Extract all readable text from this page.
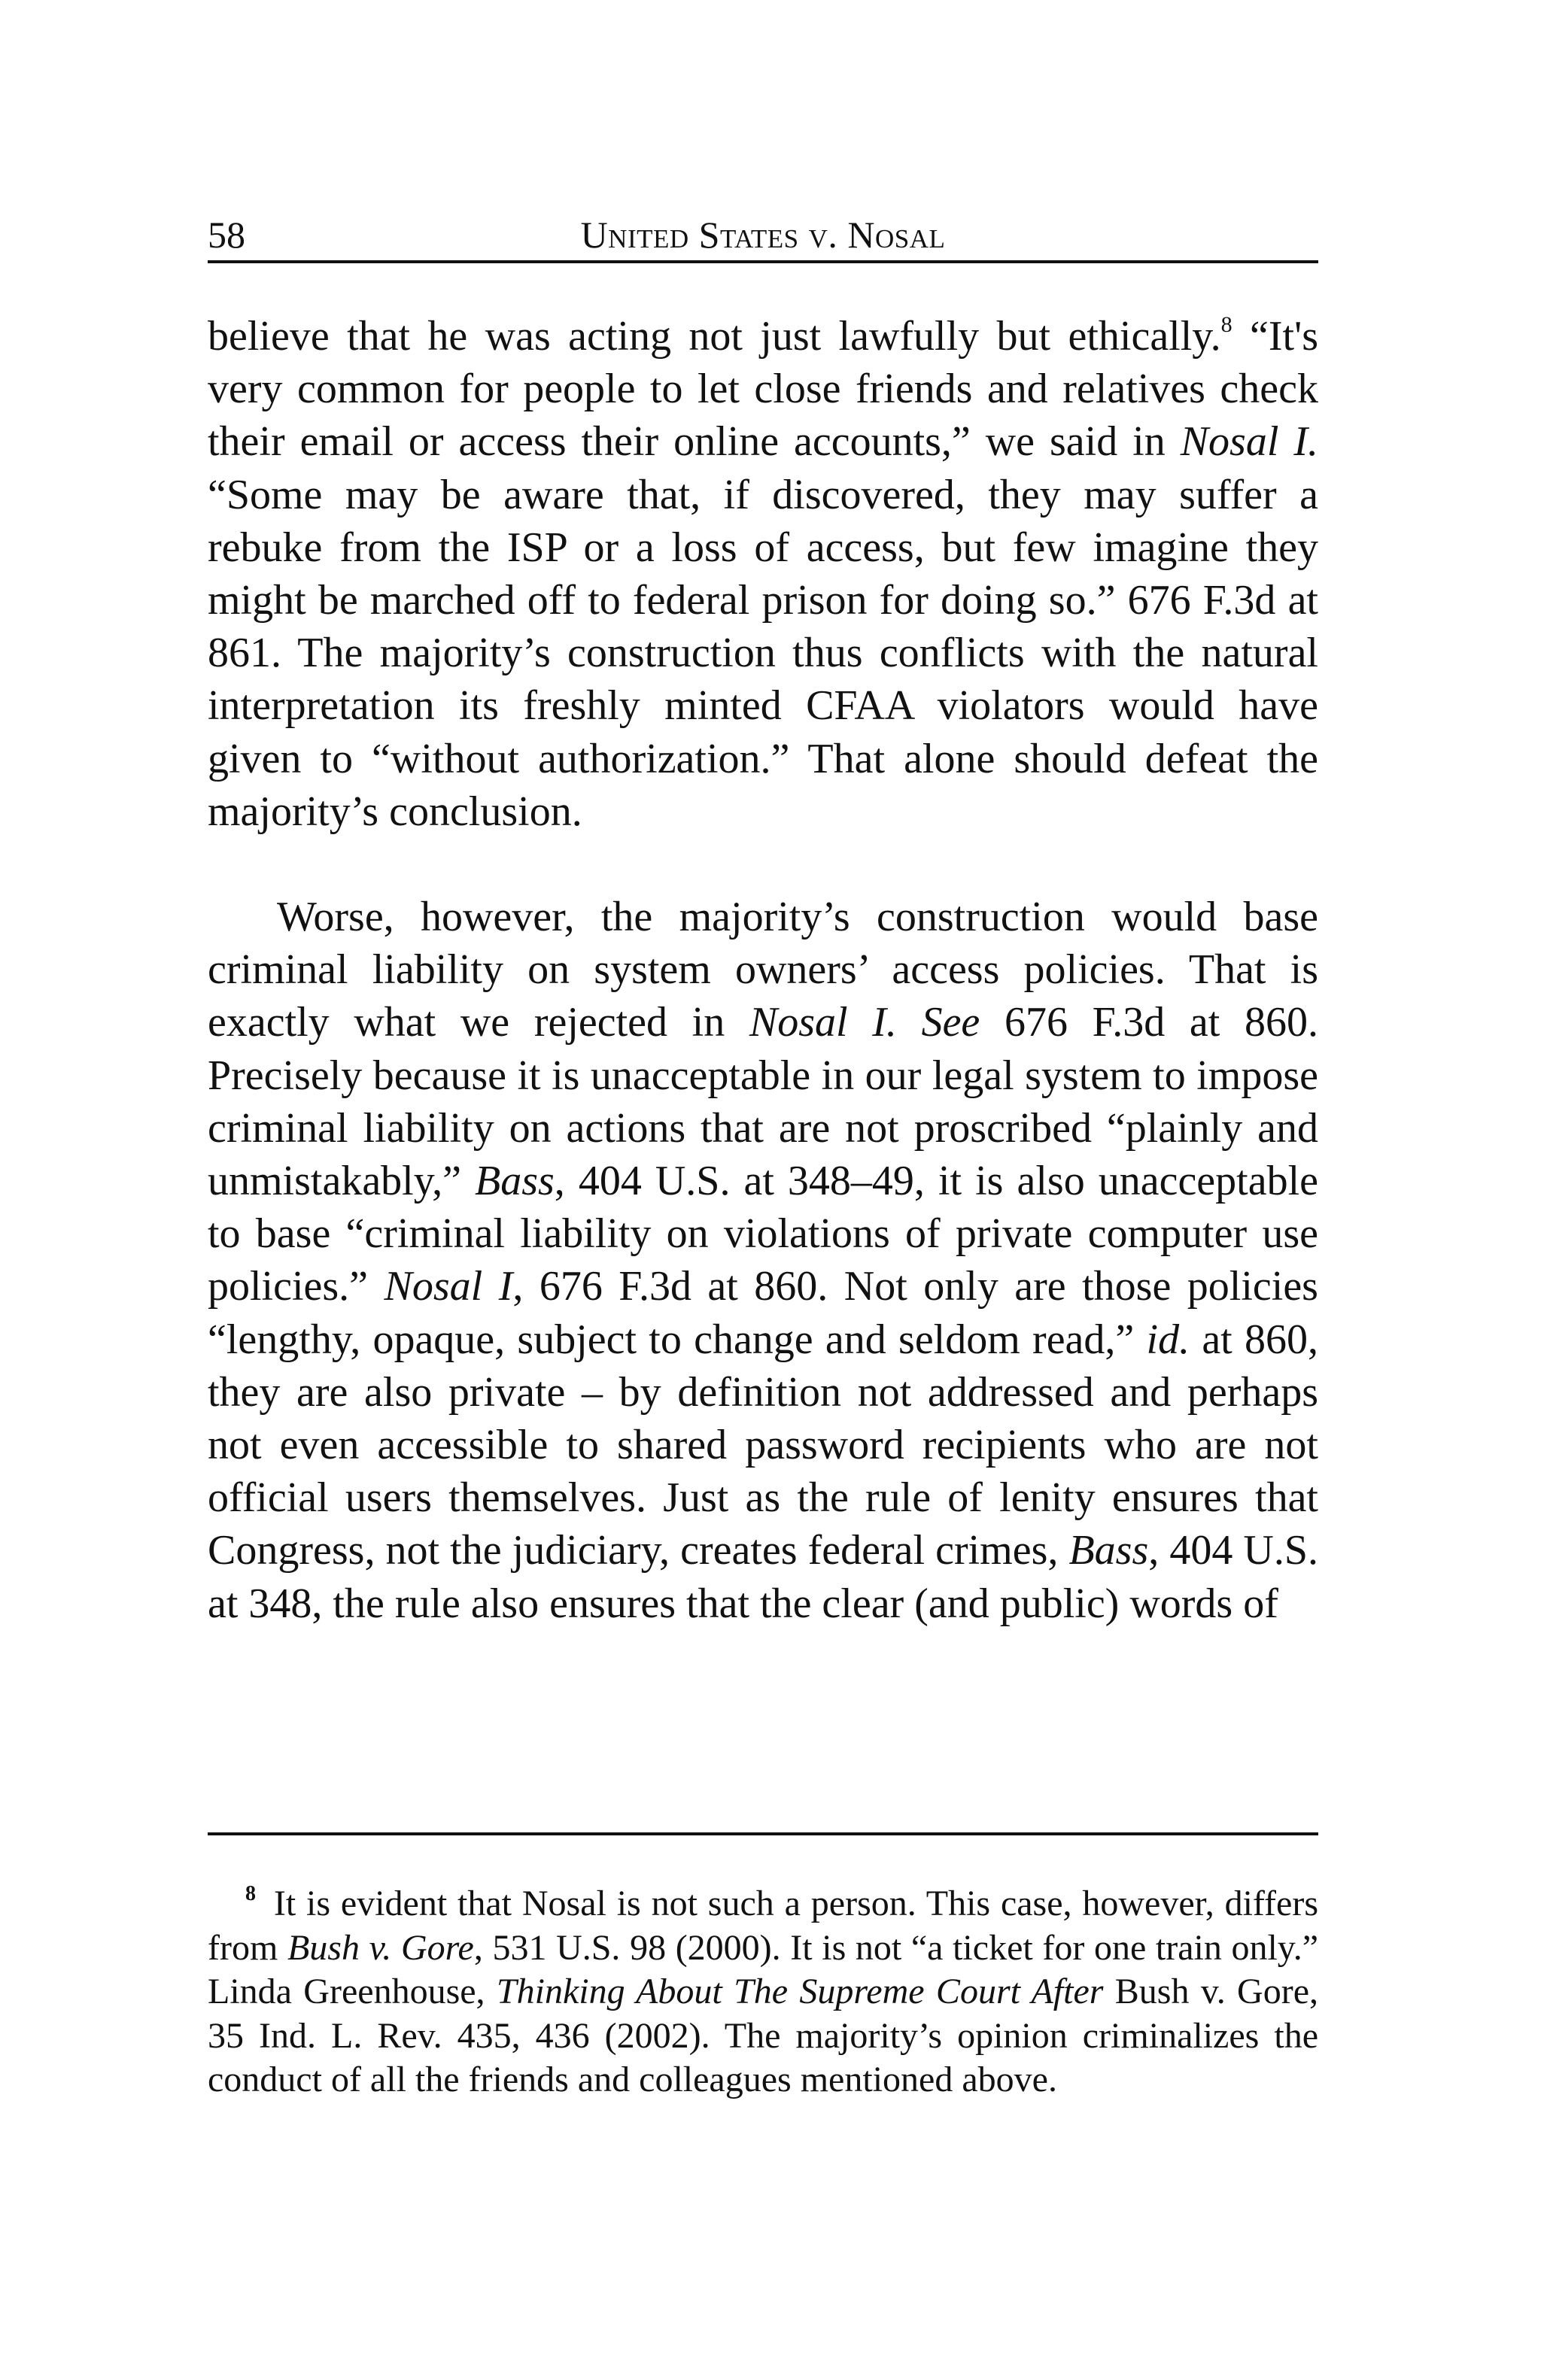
58	United States v. Nosal

believe that he was acting not just lawfully but ethically.$^8$ “It's very common for people to let close friends and relatives check their email or access their online accounts,” we said in Nosal I. “Some may be aware that, if discovered, they may suffer a rebuke from the ISP or a loss of access, but few imagine they might be marched off to federal prison for doing so.” 676 F.3d at 861. The majority’s construction thus conflicts with the natural interpretation its freshly minted CFAA violators would have given to “without authorization.” That alone should defeat the majority’s conclusion.

Worse, however, the majority’s construction would base criminal liability on system owners’ access policies. That is exactly what we rejected in Nosal I. See 676 F.3d at 860. Precisely because it is unacceptable in our legal system to impose criminal liability on actions that are not proscribed “plainly and unmistakably,” Bass, 404 U.S. at 348–49, it is also unacceptable to base “criminal liability on violations of private computer use policies.” Nosal I, 676 F.3d at 860. Not only are those policies “lengthy, opaque, subject to change and seldom read,” id. at 860, they are also private – by definition not addressed and perhaps not even accessible to shared password recipients who are not official users themselves. Just as the rule of lenity ensures that Congress, not the judiciary, creates federal crimes, Bass, 404 U.S. at 348, the rule also ensures that the clear (and public) words of

$^8$ It is evident that Nosal is not such a person. This case, however, differs from Bush v. Gore, 531 U.S. 98 (2000). It is not “a ticket for one train only.” Linda Greenhouse, Thinking About The Supreme Court After Bush v. Gore, 35 Ind. L. Rev. 435, 436 (2002). The majority’s opinion criminalizes the conduct of all the friends and colleagues mentioned above.
